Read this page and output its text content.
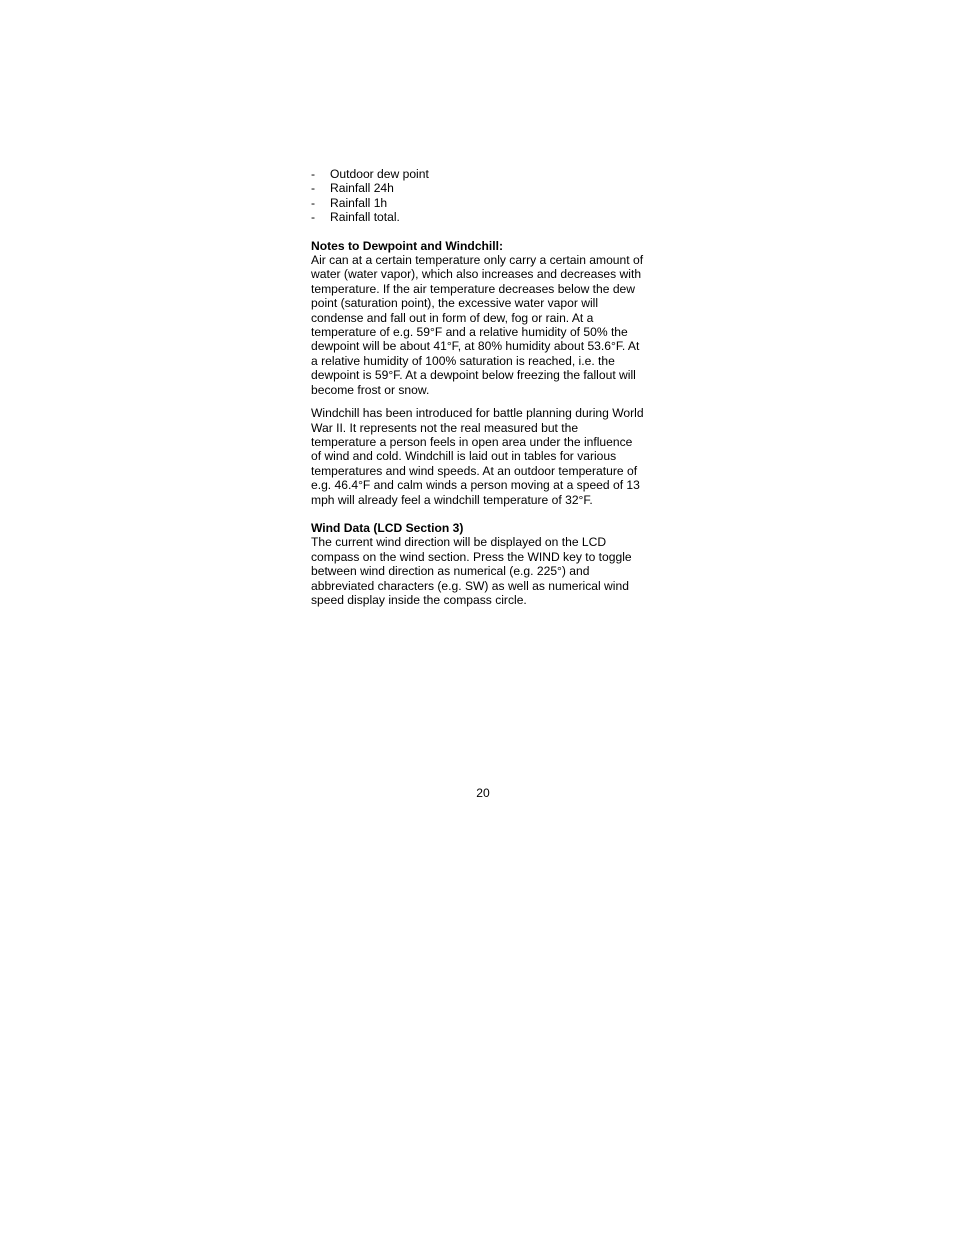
- Outdoor dew point
- Rainfall 24h
- Rainfall 1h
- Rainfall total.
Notes to Dewpoint and Windchill:

Air can at a certain temperature only carry a certain amount of
water (water vapor), which also increases and decreases with
temperature. If the air temperature decreases below the dew
point (saturation point), the excessive water vapor will
condense and fall out in form of dew, fog or rain. At a
temperature of e.g. 59°F and a relative humidity of 50% the
dewpoint will be about 41°F, at 80% humidity about 53.6°F. At
a relative humidity of 100% saturation is reached, i.e. the
dewpoint is 59°F. At a dewpoint below freezing the fallout will
become frost or snow.

Windchill has been introduced for battle planning during World
War II. It represents not the real measured but the
temperature a person feels in open area under the influence
of wind and cold. Windchill is laid out in tables for various
temperatures and wind speeds. At an outdoor temperature of
e.g. 46.4°F and calm winds a person moving at a speed of 13
mph will already feel a windchill temperature of 32°F.

Wind Data (LCD Section 3)

The current wind direction will be displayed on the LCD
compass on the wind section. Press the WIND key to toggle
between wind direction as numerical (e.g. 225°) and
abbreviated characters (e.g. SW) as well as numerical wind
speed display inside the compass circle.

20
